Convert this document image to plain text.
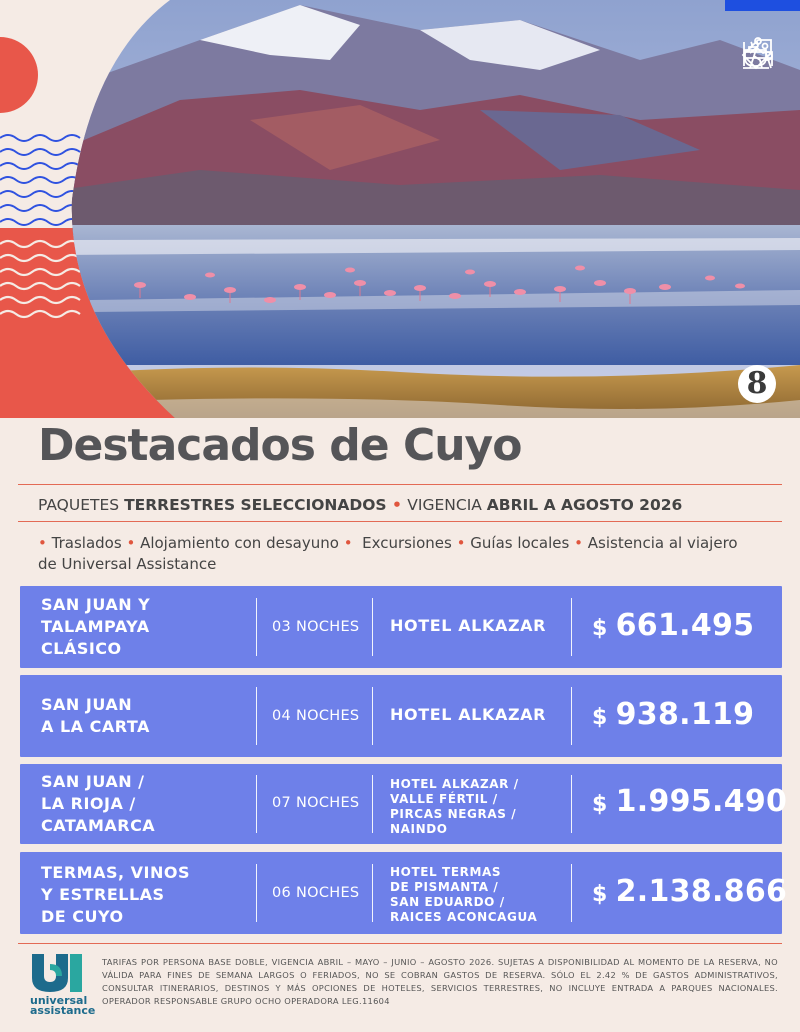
8
Destacados de Cuyo
PAQUETES TERRESTRES SELECCIONADOS • VIGENCIA ABRIL A AGOSTO 2026
• Traslados • Alojamiento con desayuno • Excursiones • Guías locales • Asistencia al viajero
de Universal Assistance
SAN JUAN Y
TALAMPAYA
CLÁSICO
03 NOCHES HOTEL ALKAZAR $ 661.495
SAN JUAN
A LA CARTA
04 NOCHES HOTEL ALKAZAR $ 938.119
SAN JUAN /
LA RIOJA /
CATAMARCA
07 NOCHES
HOTEL ALKAZAR /
VALLE FÉRTIL /
PIRCAS NEGRAS /
NAINDO
$ 1.995.490
TERMAS, VINOS
Y ESTRELLAS
DE CUYO
06 NOCHES
HOTEL TERMAS
DE PISMANTA /
SAN EDUARDO /
RAICES ACONCAGUA
$ 2.138.866
universal
assistance
TARIFAS POR PERSONA BASE DOBLE, VIGENCIA ABRIL – MAYO – JUNIO – AGOSTO 2026. SUJETAS A DISPONIBILIDAD AL MOMENTO DE LA RESERVA, NO VÁLIDA PARA FINES DE SEMANA LARGOS O FERIADOS, NO SE COBRAN GASTOS DE RESERVA. SÓLO EL 2.42 % DE GASTOS ADMINISTRATIVOS, CONSULTAR ITINERARIOS, DESTINOS Y MÁS OPCIONES DE HOTELES, SERVICIOS TERRESTRES, NO INCLUYE ENTRADA A PARQUES NACIONALES. OPERADOR RESPONSABLE GRUPO OCHO OPERADORA LEG.11604
